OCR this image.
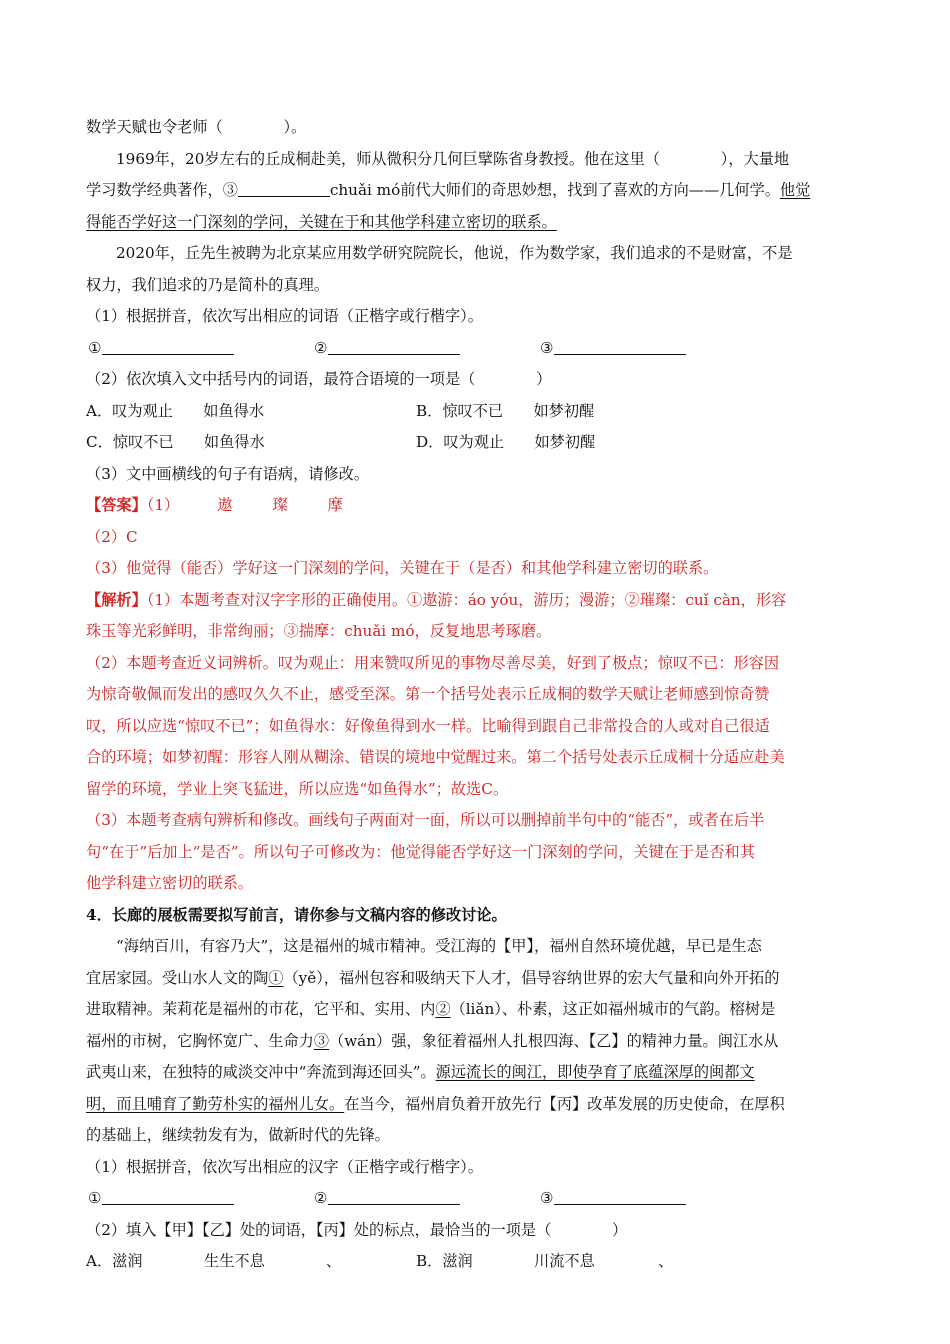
数学天赋也令老师（　　　　）。
1969年，20岁左右的丘成桐赴美，师从微积分几何巨擘陈省身教授。他在这里（　　　　），大量地
学习数学经典著作，③	chuǎi mó前代大师们的奇思妙想，找到了喜欢的方向——几何学。他觉
得能否学好这一门深刻的学问，关键在于和其他学科建立密切的联系。
2020年，丘先生被聘为北京某应用数学研究院院长，他说，作为数学家，我们追求的不是财富，不是
权力，我们追求的乃是简朴的真理。
（1）根据拼音，依次写出相应的词语（正楷字或行楷字）。
①	②	③
（2）依次填入文中括号内的词语，最符合语境的一项是（　　　　）
A．叹为观止　　如鱼得水	B．惊叹不已　　如梦初醒
C．惊叹不已　　如鱼得水	D．叹为观止　　如梦初醒
（3）文中画横线的句子有语病，请修改。
【答案】（1）	遨	璨	摩
（2）C
（3）他觉得（能否）学好这一门深刻的学问，关键在于（是否）和其他学科建立密切的联系。
【解析】（1）本题考查对汉字字形的正确使用。①遨游：áo yóu，游历；漫游；②璀璨：cuǐ càn，形容
珠玉等光彩鲜明，非常绚丽；③揣摩：chuǎi mó，反复地思考琢磨。
（2）本题考查近义词辨析。叹为观止：用来赞叹所见的事物尽善尽美，好到了极点；惊叹不已：形容因
为惊奇敬佩而发出的感叹久久不止，感受至深。第一个括号处表示丘成桐的数学天赋让老师感到惊奇赞
叹，所以应选“惊叹不已”；如鱼得水：好像鱼得到水一样。比喻得到跟自己非常投合的人或对自己很适
合的环境；如梦初醒：形容人刚从糊涂、错误的境地中觉醒过来。第二个括号处表示丘成桐十分适应赴美
留学的环境，学业上突飞猛进，所以应选“如鱼得水”；故选C。
（3）本题考查病句辨析和修改。画线句子两面对一面，所以可以删掉前半句中的“能否”，或者在后半
句“在于”后加上“是否”。所以句子可修改为：他觉得能否学好这一门深刻的学问，关键在于是否和其
他学科建立密切的联系。
4．长廊的展板需要拟写前言，请你参与文稿内容的修改讨论。
“海纳百川，有容乃大”，这是福州的城市精神。受江海的【甲】，福州自然环境优越，早已是生态
宜居家园。受山水人文的陶①（yě），福州包容和吸纳天下人才，倡导容纳世界的宏大气量和向外开拓的
进取精神。茉莉花是福州的市花，它平和、实用、内②（liǎn）、朴素，这正如福州城市的气韵。榕树是
福州的市树，它胸怀宽广、生命力③（wán）强，象征着福州人扎根四海、【乙】的精神力量。闽江水从
武夷山来，在独特的咸淡交冲中“奔流到海还回头”。源远流长的闽江，即使孕育了底蕴深厚的闽都文
明，而且哺育了勤劳朴实的福州儿女。在当今，福州肩负着开放先行【丙】改革发展的历史使命，在厚积
的基础上，继续勃发有为，做新时代的先锋。
（1）根据拼音，依次写出相应的汉字（正楷字或行楷字）。
①	②	③
（2）填入【甲】【乙】处的词语，【丙】处的标点，最恰当的一项是（　　　　）
A．滋润	生生不息	、	B．滋润	川流不息	、
